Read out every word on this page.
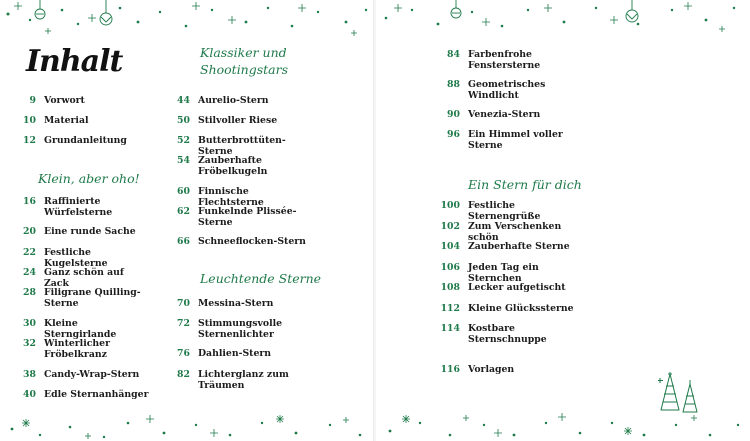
Inhalt
9 Vorwort
10 Material
12 Grundanleitung
Klein, aber oho!
16 Raffinierte Würfelsterne
20 Eine runde Sache
22 Festliche Kugelsterne
24 Ganz schön auf Zack
28 Filigrane Quilling-Sterne
30 Kleine Sterngirlande
32 Winterlicher Fröbelkranz
38 Candy-Wrap-Stern
40 Edle Sternanhänger
Klassiker und Shootingstars
44 Aurelio-Stern
50 Stilvoller Riese
52 Butterbrottüten-Sterne
54 Zauberhafte Fröbelkugeln
60 Finnische Flechtsterne
62 Funkelnde Plissée-Sterne
66 Schneeflocken-Stern
Leuchtende Sterne
70 Messina-Stern
72 Stimmungsvolle Sternenlichter
76 Dahlien-Stern
82 Lichterglanz zum Träumen
84 Farbenfrohe Fenstersterne
88 Geometrisches Windlicht
90 Venezia-Stern
96 Ein Himmel voller Sterne
Ein Stern für dich
100 Festliche Sternengrüße
102 Zum Verschenken schön
104 Zauberhafte Sterne
106 Jeden Tag ein Sternchen
108 Lecker aufgetischt
112 Kleine Glückssterne
114 Kostbare Sternschnuppe
116 Vorlagen
